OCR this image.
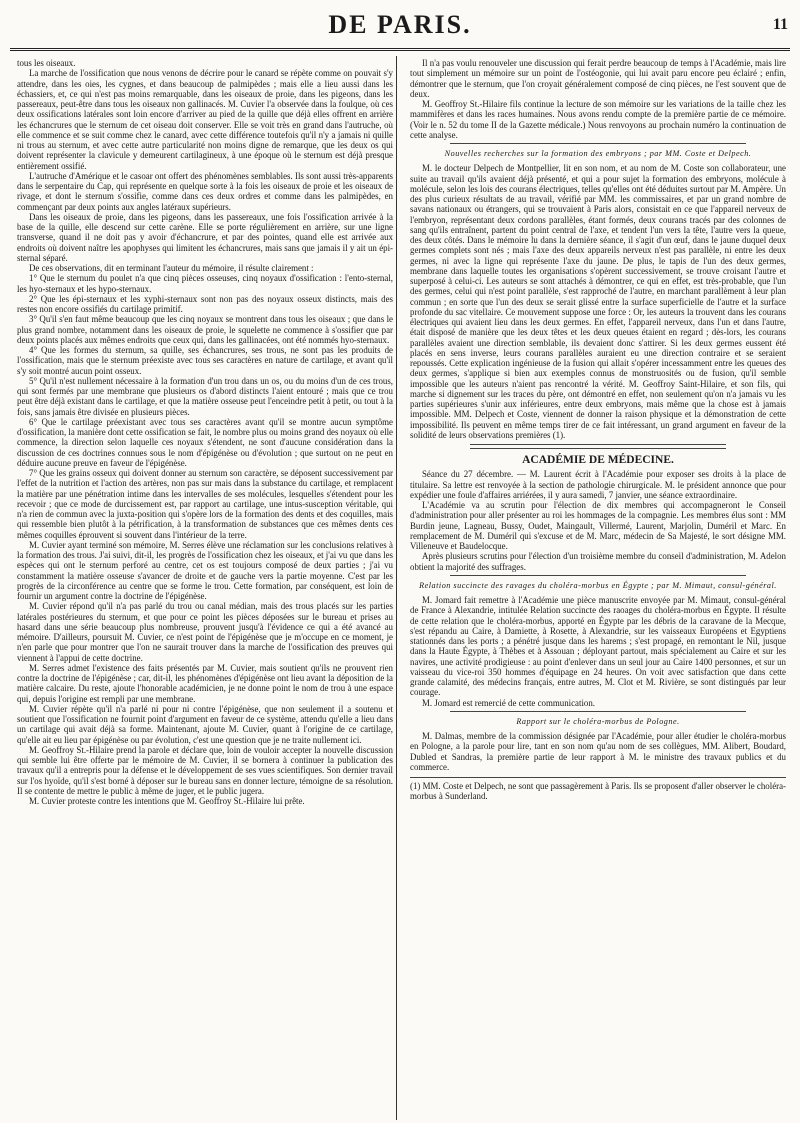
DE PARIS.	11

tous les oiseaux.

La marche de l'ossification que nous venons de décrire pour le canard se répète comme on pouvait s'y attendre, dans les oies, les cygnes, et dans beaucoup de palmipèdes ; mais elle a lieu aussi dans les échassiers, et, ce qui n'est pas moins remarquable, dans les oiseaux de proie, dans les pigeons, dans les passereaux, peut-être dans tous les oiseaux non gallinacés. M. Cuvier l'a observée dans la foulque, où ces deux ossifications latérales sont loin encore d'arriver au pied de la quille que déjà elles offrent en arrière les échancrures que le sternum de cet oiseau doit conserver. Elle se voit très en grand dans l'autruche, où elle commence et se suit comme chez le canard, avec cette différence toutefois qu'il n'y a jamais ni quille ni trous au sternum, et avec cette autre particularité non moins digne de remarque, que les deux os qui doivent représenter la clavicule y demeurent cartilagineux, à une époque où le sternum est déjà presque entièrement ossifié.

L'autruche d'Amérique et le casoar ont offert des phénomènes semblables. Ils sont aussi très-apparents dans le serpentaire du Cap, qui représente en quelque sorte à la fois les oiseaux de proie et les oiseaux de rivage, et dont le sternum s'ossifie, comme dans ces deux ordres et comme dans les palmipèdes, en commençant par deux points aux angles latéraux supérieurs.

Dans les oiseaux de proie, dans les pigeons, dans les passereaux, une fois l'ossification arrivée à la base de la quille, elle descend sur cette carène. Elle se porte régulièrement en arrière, sur une ligne transverse, quand il ne doit pas y avoir d'échancrure, et par des pointes, quand elle est arrivée aux endroits où doivent naître les apophyses qui limitent les échancrures, mais sans que jamais il y ait un épi-sternal séparé.

De ces observations, dit en terminant l'auteur du mémoire, il résulte clairement :

1° Que le sternum du poulet n'a que cinq pièces osseuses, cinq noyaux d'ossification : l'ento-sternal, les hyo-sternaux et les hypo-sternaux.

2° Que les épi-sternaux et les xyphi-sternaux sont non pas des noyaux osseux distincts, mais des restes non encore ossifiés du cartilage primitif.

3° Qu'il s'en faut même beaucoup que les cinq noyaux se montrent dans tous les oiseaux ; que dans le plus grand nombre, notamment dans les oiseaux de proie, le squelette ne commence à s'ossifier que par deux points placés aux mêmes endroits que ceux qui, dans les gallinacées, ont été nommés hyo-sternaux.

4° Que les formes du sternum, sa quille, ses échancrures, ses trous, ne sont pas les produits de l'ossification, mais que le sternum préexiste avec tous ses caractères en nature de cartilage, et avant qu'il s'y soit montré aucun point osseux.

5° Qu'il n'est nullement nécessaire à la formation d'un trou dans un os, ou du moins d'un de ces trous, qui sont fermés par une membrane que plusieurs os d'abord distincts l'aient entouré ; mais que ce trou peut être déjà existant dans le cartilage, et que la matière osseuse peut l'enceindre petit à petit, ou tout à la fois, sans jamais être divisée en plusieurs pièces.

6° Que le cartilage préexistant avec tous ses caractères avant qu'il se montre aucun symptôme d'ossification, la manière dont cette ossification se fait, le nombre plus ou moins grand des noyaux où elle commence, la direction selon laquelle ces noyaux s'étendent, ne sont d'aucune considération dans la discussion de ces doctrines connues sous le nom d'épigénèse ou d'évolution ; que surtout on ne peut en déduire aucune preuve en faveur de l'épigénèse.

7° Que les grains osseux qui doivent donner au sternum son caractère, se déposent successivement par l'effet de la nutrition et l'action des artères, non pas sur mais dans la substance du cartilage, et remplacent la matière par une pénétration intime dans les intervalles de ses molécules, lesquelles s'étendent pour les recevoir ; que ce mode de durcissement est, par rapport au cartilage, une intus-susception véritable, qui n'a rien de commun avec la juxta-position qui s'opère lors de la formation des dents et des coquilles, mais qui ressemble bien plutôt à la pétrification, à la transformation de substances que ces mêmes dents ces mêmes coquilles éprouvent si souvent dans l'intérieur de la terre.

M. Cuvier ayant terminé son mémoire, M. Serres élève une réclamation sur les conclusions relatives à la formation des trous. J'ai suivi, dit-il, les progrès de l'ossification chez les oiseaux, et j'ai vu que dans les espèces qui ont le sternum perforé au centre, cet os est toujours composé de deux parties ; j'ai vu constamment la matière osseuse s'avancer de droite et de gauche vers la partie moyenne. C'est par les progrès de la circonférence au centre que se forme le trou. Cette formation, par conséquent, est loin de fournir un argument contre la doctrine de l'épigénèse.

M. Cuvier répond qu'il n'a pas parlé du trou ou canal médian, mais des trous placés sur les parties latérales postérieures du sternum, et que pour ce point les pièces déposées sur le bureau et prises au hasard dans une série beaucoup plus nombreuse, prouvent jusqu'à l'évidence ce qui a été avancé au mémoire. D'ailleurs, poursuit M. Cuvier, ce n'est point de l'épigénèse que je m'occupe en ce moment, je n'en parle que pour montrer que l'on ne saurait trouver dans la marche de l'ossification des preuves qui viennent à l'appui de cette doctrine.

M. Serres admet l'existence des faits présentés par M. Cuvier, mais soutient qu'ils ne prouvent rien contre la doctrine de l'épigénèse ; car, dit-il, les phénomènes d'épigénèse ont lieu avant la déposition de la matière calcaire. Du reste, ajoute l'honorable académicien, je ne donne point le nom de trou à une espace qui, depuis l'origine est rempli par une membrane.

M. Cuvier répète qu'il n'a parlé ni pour ni contre l'épigénèse, que non seulement il a soutenu et soutient que l'ossification ne fournit point d'argument en faveur de ce système, attendu qu'elle a lieu dans un cartilage qui avait déjà sa forme. Maintenant, ajoute M. Cuvier, quant à l'origine de ce cartilage, qu'elle ait eu lieu par épigénèse ou par évolution, c'est une question que je ne traite nullement ici.

M. Geoffroy St.-Hilaire prend la parole et déclare que, loin de vouloir accepter la nouvelle discussion qui semble lui être offerte par le mémoire de M. Cuvier, il se bornera à continuer la publication des travaux qu'il a entrepris pour la défense et le développement de ses vues scientifiques. Son dernier travail sur l'os hyoïde, qu'il s'est borné à déposer sur le bureau sans en donner lecture, témoigne de sa résolution. Il se contente de mettre le public à même de juger, et le public jugera.

M. Cuvier proteste contre les intentions que M. Geoffroy St.-Hilaire lui prête.

Il n'a pas voulu renouveler une discussion qui ferait perdre beaucoup de temps à l'Académie, mais lire tout simplement un mémoire sur un point de l'ostéogonie, qui lui avait paru encore peu éclairé ; enfin, démontrer que le sternum, que l'on croyait généralement composé de cinq pièces, ne l'est souvent que de deux.

M. Geoffroy St.-Hilaire fils continue la lecture de son mémoire sur les variations de la taille chez les mammifères et dans les races humaines. Nous avons rendu compte de la première partie de ce mémoire. (Voir le n. 52 du tome II de la Gazette médicale.) Nous renvoyons au prochain numéro la continuation de cette analyse.

Nouvelles recherches sur la formation des embryons ; par MM. Coste et Delpech.

M. le docteur Delpech de Montpellier, lit en son nom, et au nom de M. Coste son collaborateur, une suite au travail qu'ils avaient déjà présenté, et qui a pour sujet la formation des embryons, molécule à molécule, selon les lois des courans électriques, telles qu'elles ont été déduites surtout par M. Ampère. Un des plus curieux résultats de au travail, vérifié par MM. les commissaires, et par un grand nombre de savans nationaux ou étrangers, qui se trouvaient à Paris alors, consistait en ce que l'appareil nerveux de l'embryon, représentant deux cordons parallèles, étant formés, deux courans tracés par des colonnes de sang qu'ils entraînent, partent du point central de l'axe, et tendent l'un vers la tête, l'autre vers la queue, des deux côtés. Dans le mémoire lu dans la dernière séance, il s'agit d'un œuf, dans le jaune duquel deux germes complets sont nés ; mais l'axe des deux appareils nerveux n'est pas parallèle, ni entre les deux germes, ni avec la ligne qui représente l'axe du jaune. De plus, le tapis de l'un des deux germes, membrane dans laquelle toutes les organisations s'opèrent successivement, se trouve croisant l'autre et superposé à celui-ci. Les auteurs se sont attachés à démontrer, ce qui en effet, est très-probable, que l'un des germes, celui qui n'est point parallèle, s'est rapproché de l'autre, en marchant parallèment à leur plan commun ; en sorte que l'un des deux se serait glissé entre la surface superficielle de l'autre et la surface profonde du sac vitellaire. Ce mouvement suppose une force : Or, les auteurs la trouvent dans les courans électriques qui avaient lieu dans les deux germes. En effet, l'appareil nerveux, dans l'un et dans l'autre, était disposé de manière que les deux têtes et les deux queues étaient en regard ; dès-lors, les courans parallèles avaient une direction semblable, ils devaient donc s'attirer. Si les deux germes eussent été placés en sens inverse, leurs courans parallèles auraient eu une direction contraire et se seraient repoussés. Cette explication ingénieuse de la fusion qui allait s'opérer incessamment entre les queues des deux germes, s'applique si bien aux exemples connus de monstruosités ou de fusion, qu'il semble impossible que les auteurs n'aient pas rencontré la vérité. M. Geoffroy Saint-Hilaire, et son fils, qui marche si dignement sur les traces du père, ont démontré en effet, non seulement qu'on n'a jamais vu les parties supérieures s'unir aux inférieures, entre deux embryons, mais même que la chose est à jamais impossible. MM. Delpech et Coste, viennent de donner la raison physique et la démonstration de cette impossibilité. Ils peuvent en même temps tirer de ce fait intéressant, un grand argument en faveur de la solidité de leurs observations premières (1).

ACADÉMIE DE MÉDECINE.

Séance du 27 décembre. — M. Laurent écrit à l'Académie pour exposer ses droits à la place de titulaire. Sa lettre est renvoyée à la section de pathologie chirurgicale. M. le président annonce que pour expédier une foule d'affaires arriérées, il y aura samedi, 7 janvier, une séance extraordinaire.

L'Académie va au scrutin pour l'élection de dix membres qui accompagneront le Conseil d'administration pour aller présenter au roi les hommages de la compagnie. Les membres élus sont : MM Burdin jeune, Lagneau, Bussy, Oudet, Maingault, Villermé, Laurent, Marjolin, Duméril et Marc. En remplacement de M. Duméril qui s'excuse et de M. Marc, médecin de Sa Majesté, le sort désigne MM. Villeneuve et Baudelocque.

Après plusieurs scrutins pour l'élection d'un troisième membre du conseil d'administration, M. Adelon obtient la majorité des suffrages.

Relation succincte des ravages du choléra-morbus en Égypte ; par M. Mimaut, consul-général.

M. Jomard fait remettre à l'Académie une pièce manuscrite envoyée par M. Mimaut, consul-général de France à Alexandrie, intitulée Relation succincte des raoages du choléra-morbus en Égypte. Il résulte de cette relation que le choléra-morbus, apporté en Égypte par les débris de la caravane de la Mecque, s'est répandu au Caire, à Damiette, à Rosette, à Alexandrie, sur les vaisseaux Européens et Egyptiens stationnés dans les ports ; a pénétré jusque dans les harems ; s'est propagé, en remontant le Nil, jusque dans la Haute Égypte, à Thèbes et à Assouan ; déployant partout, mais spécialement au Caire et sur les navires, une activité prodigieuse : au point d'enlever dans un seul jour au Caire 1400 personnes, et sur un vaisseau du vice-roi 350 hommes d'équipage en 24 heures. On voit avec satisfaction que dans cette grande calamité, des médecins français, entre autres, M. Clot et M. Rivière, se sont distingués par leur courage.

M. Jomard est remercié de cette communication.

Rapport sur le choléra-morbus de Pologne.

M. Dalmas, membre de la commission désignée par l'Académie, pour aller étudier le choléra-morbus en Pologne, a la parole pour lire, tant en son nom qu'au nom de ses collègues, MM. Alibert, Boudard, Dubled et Sandras, la première partie de leur rapport à M. le ministre des travaux publics et du commerce.

(1) MM. Coste et Delpech, ne sont que passagèrement à Paris. Ils se proposent d'aller observer le choléra-morbus à Sunderland.
